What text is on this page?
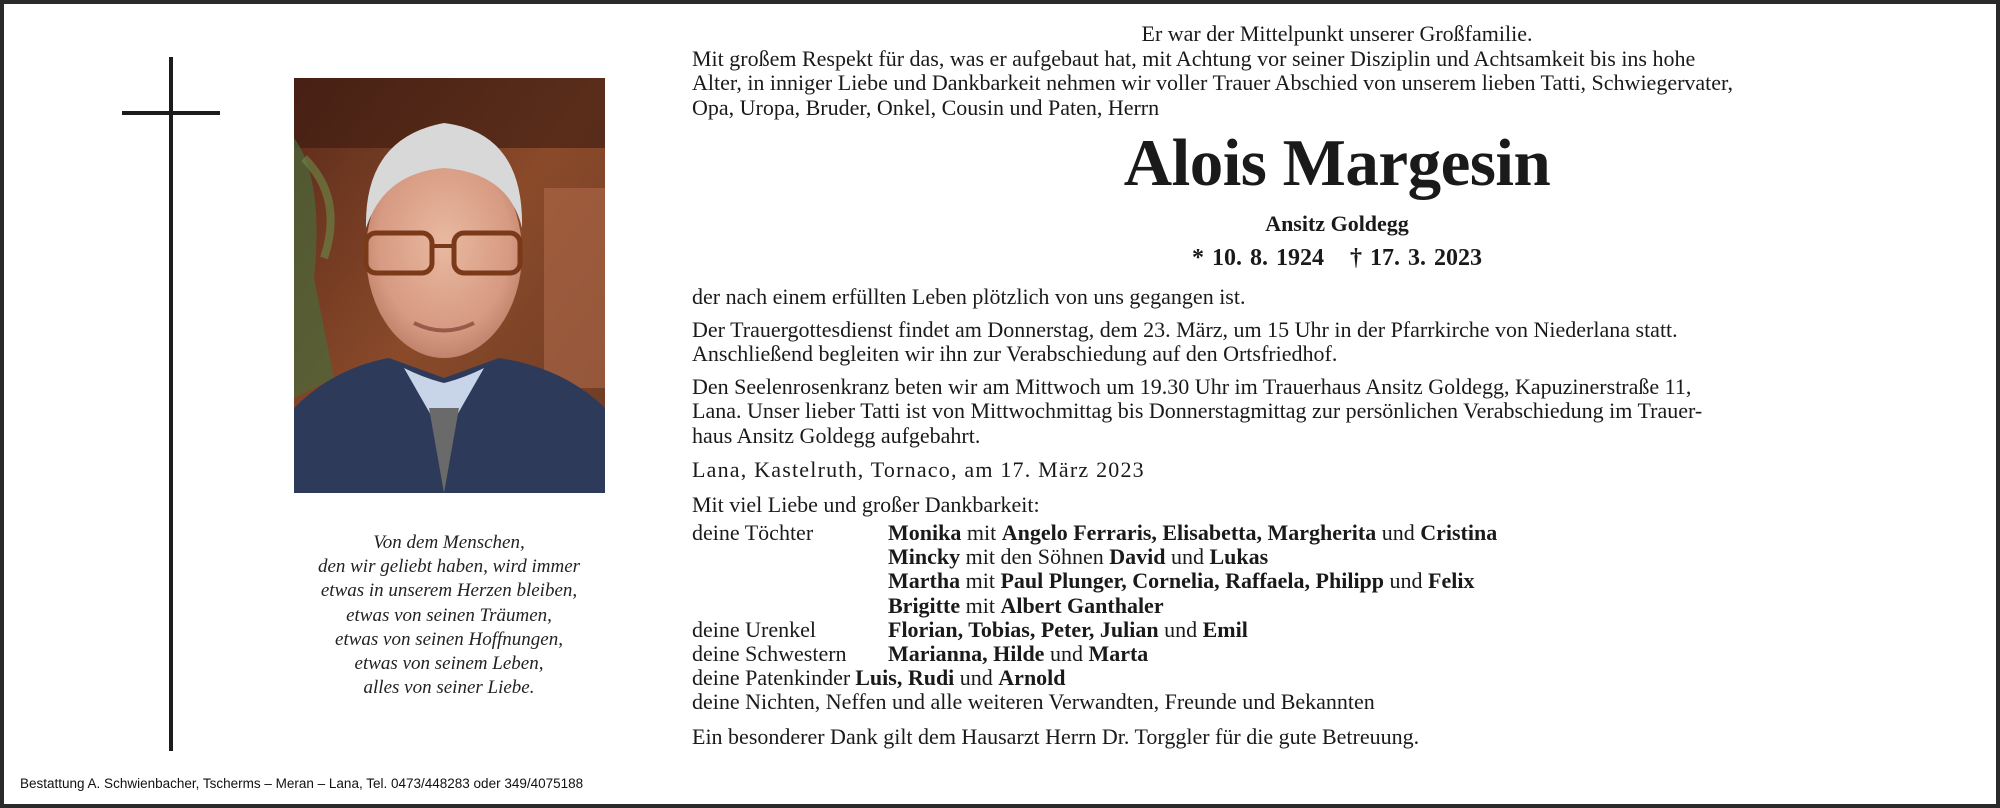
Von dem Menschen,
den wir geliebt haben, wird immer
etwas in unserem Herzen bleiben,
etwas von seinen Träumen,
etwas von seinen Hoffnungen,
etwas von seinem Leben,
alles von seiner Liebe.
Bestattung A. Schwienbacher, Tscherms – Meran – Lana, Tel. 0473/448283 oder 349/4075188

Er war der Mittelpunkt unserer Großfamilie.

Mit großem Respekt für das, was er aufgebaut hat, mit Achtung vor seiner Disziplin und Achtsamkeit bis ins hohe
Alter, in inniger Liebe und Dankbarkeit nehmen wir voller Trauer Abschied von unserem lieben Tatti, Schwiegervater,
Opa, Uropa, Bruder, Onkel, Cousin und Paten, Herrn
Alois Margesin
Ansitz Goldegg
* 10. 8. 1924 † 17. 3. 2023

der nach einem erfüllten Leben plötzlich von uns gegangen ist.

Der Trauergottesdienst findet am Donnerstag, dem 23. März, um 15 Uhr in der Pfarrkirche von Niederlana statt.
Anschließend begleiten wir ihn zur Verabschiedung auf den Ortsfriedhof.
Den Seelenrosenkranz beten wir am Mittwoch um 19.30 Uhr im Trauerhaus Ansitz Goldegg, Kapuzinerstraße 11,
Lana. Unser lieber Tatti ist von Mittwochmittag bis Donnerstagmittag zur persönlichen Verabschiedung im Trauer-
haus Ansitz Goldegg aufgebahrt.

Lana, Kastelruth, Tornaco, am 17. März 2023

Mit viel Liebe und großer Dankbarkeit:

deine Töchter	Monika mit Angelo Ferraris, Elisabetta, Margherita und Cristina
Mincky mit den Söhnen David und Lukas
Martha mit Paul Plunger, Cornelia, Raffaela, Philipp und Felix
Brigitte mit Albert Ganthaler
deine Urenkel	Florian, Tobias, Peter, Julian und Emil
deine Schwestern	Marianna, Hilde und Marta
deine Patenkinder Luis, Rudi und Arnold
deine Nichten, Neffen und alle weiteren Verwandten, Freunde und Bekannten

Ein besonderer Dank gilt dem Hausarzt Herrn Dr. Torggler für die gute Betreuung.
